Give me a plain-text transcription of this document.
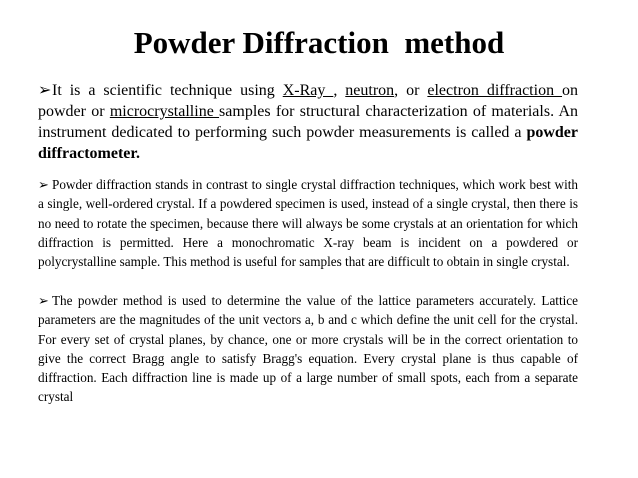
Powder Diffraction  method
➢It is a scientific technique using X-Ray , neutron, or electron diffraction on powder or microcrystalline samples for structural characterization of materials. An instrument dedicated to performing such powder measurements is called a powder diffractometer.
➢ Powder diffraction stands in contrast to single crystal diffraction techniques, which work best with a single, well-ordered crystal. If a powdered specimen is used, instead of a single crystal, then there is no need to rotate the specimen, because there will always be some crystals at an orientation for which diffraction is permitted. Here a monochromatic X-ray beam is incident on a powdered or polycrystalline sample. This method is useful for samples that are difficult to obtain in single crystal.
➢ The powder method is used to determine the value of the lattice parameters accurately. Lattice parameters are the magnitudes of the unit vectors a, b and c which define the unit cell for the crystal. For every set of crystal planes, by chance, one or more crystals will be in the correct orientation to give the correct Bragg angle to satisfy Bragg's equation. Every crystal plane is thus capable of diffraction. Each diffraction line is made up of a large number of small spots, each from a separate crystal
